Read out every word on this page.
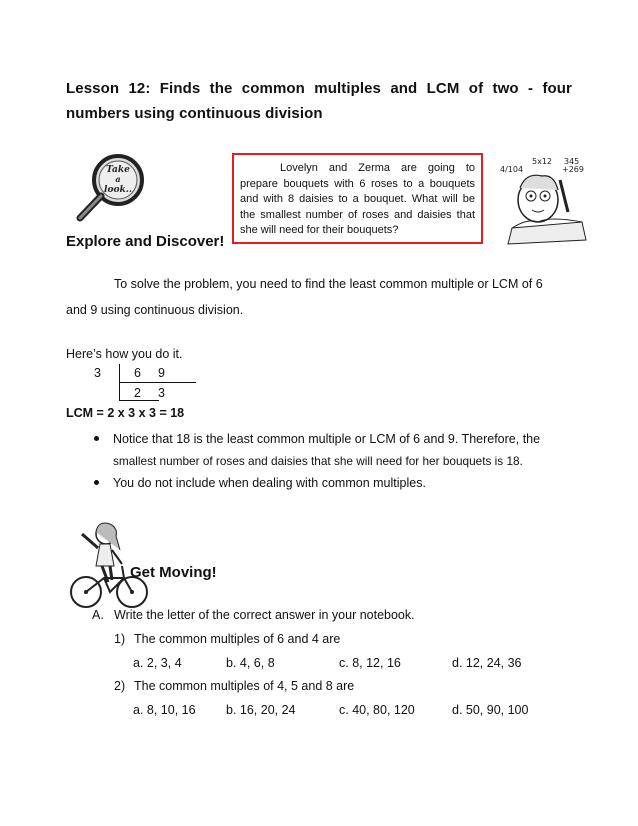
Lesson 12: Finds the common multiples and LCM of two - four
numbers using continuous division
Take
a
look..
Lovelyn and Zerma are going to prepare bouquets with 6 roses to a bouquets and with 8 daisies to a bouquet. What will be the smallest number of roses and daisies that she will need for their bouquets?
5x12 345
+269
4/104
Explore and Discover!
To solve the problem, you need to find the least common multiple or LCM of 6
and 9 using continuous division.
Here’s how you do it.
3	6 9
2 3
LCM = 2 x 3 x 3 = 18
Notice that 18 is the least common multiple or LCM of 6 and 9. Therefore, the
smallest number of roses and daisies that she will need for her bouquets is 18.
You do not include when dealing with common multiples.
Get Moving!
A. Write the letter of the correct answer in your notebook.
1) The common multiples of 6 and 4 are
a. 2, 3, 4	b. 4, 6, 8	c. 8, 12, 16	d. 12, 24, 36
2) The common multiples of 4, 5 and 8 are
a. 8, 10, 16 b. 16, 20, 24	c. 40, 80, 120	d. 50, 90, 100
